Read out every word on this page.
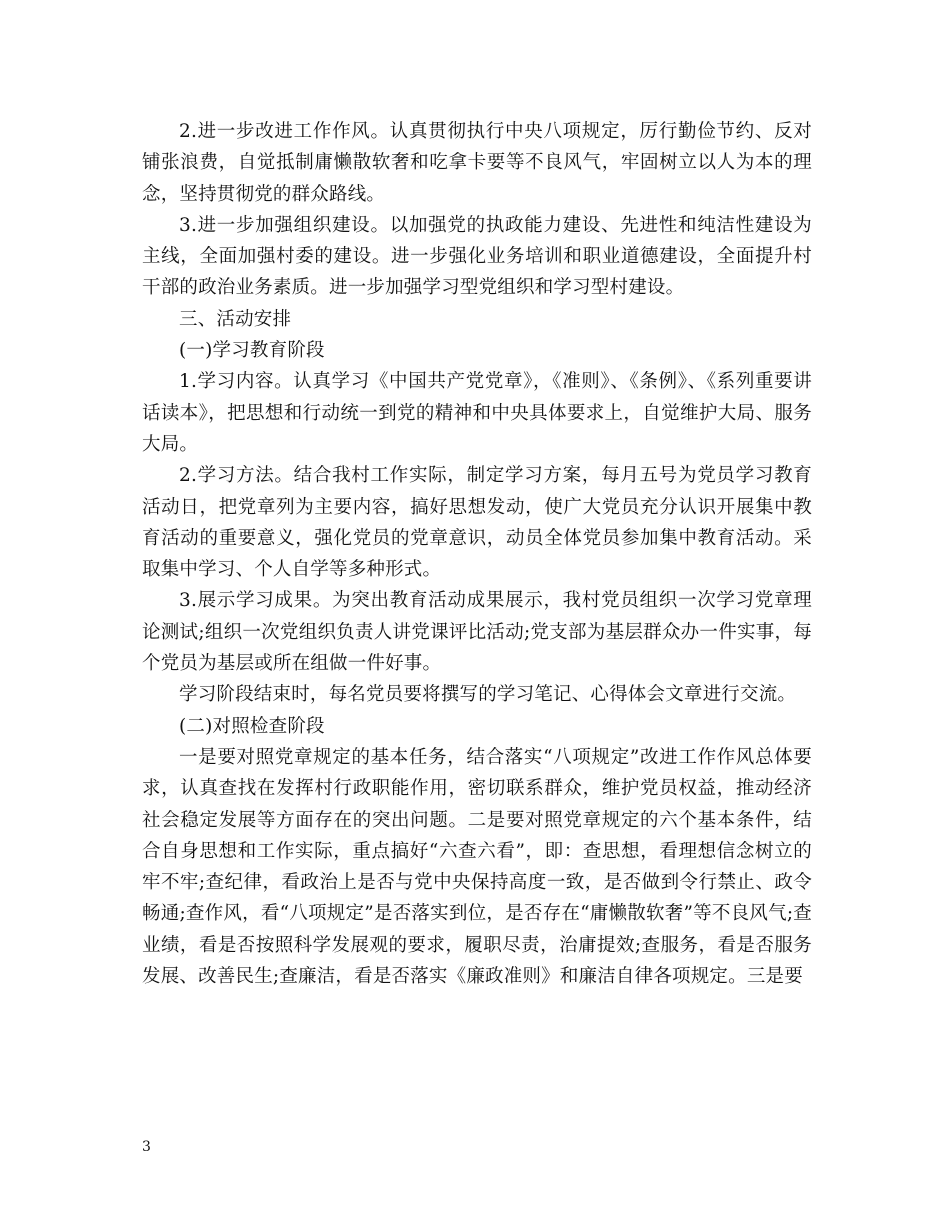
2.进一步改进工作作风。认真贯彻执行中央八项规定，厉行勤俭节约、反对铺张浪费，自觉抵制庸懒散软奢和吃拿卡要等不良风气，牢固树立以人为本的理念，坚持贯彻党的群众路线。

3.进一步加强组织建设。以加强党的执政能力建设、先进性和纯洁性建设为主线，全面加强村委的建设。进一步强化业务培训和职业道德建设，全面提升村干部的政治业务素质。进一步加强学习型党组织和学习型村建设。

三、活动安排

(一)学习教育阶段

1.学习内容。认真学习《中国共产党党章》，《准则》、《条例》、《系列重要讲话读本》，把思想和行动统一到党的精神和中央具体要求上，自觉维护大局、服务大局。

2.学习方法。结合我村工作实际，制定学习方案，每月五号为党员学习教育活动日，把党章列为主要内容，搞好思想发动，使广大党员充分认识开展集中教育活动的重要意义，强化党员的党章意识，动员全体党员参加集中教育活动。采取集中学习、个人自学等多种形式。

3.展示学习成果。为突出教育活动成果展示，我村党员组织一次学习党章理论测试;组织一次党组织负责人讲党课评比活动;党支部为基层群众办一件实事，每个党员为基层或所在组做一件好事。

学习阶段结束时，每名党员要将撰写的学习笔记、心得体会文章进行交流。

(二)对照检查阶段

一是要对照党章规定的基本任务，结合落实“八项规定”改进工作作风总体要求，认真查找在发挥村行政职能作用，密切联系群众，维护党员权益，推动经济社会稳定发展等方面存在的突出问题。二是要对照党章规定的六个基本条件，结合自身思想和工作实际，重点搞好“六查六看”，即：查思想，看理想信念树立的牢不牢;查纪律，看政治上是否与党中央保持高度一致，是否做到令行禁止、政令畅通;查作风，看“八项规定”是否落实到位，是否存在“庸懒散软奢”等不良风气;查业绩，看是否按照科学发展观的要求，履职尽责，治庸提效;查服务，看是否服务发展、改善民生;查廉洁，看是否落实《廉政准则》和廉洁自律各项规定。三是要

3
